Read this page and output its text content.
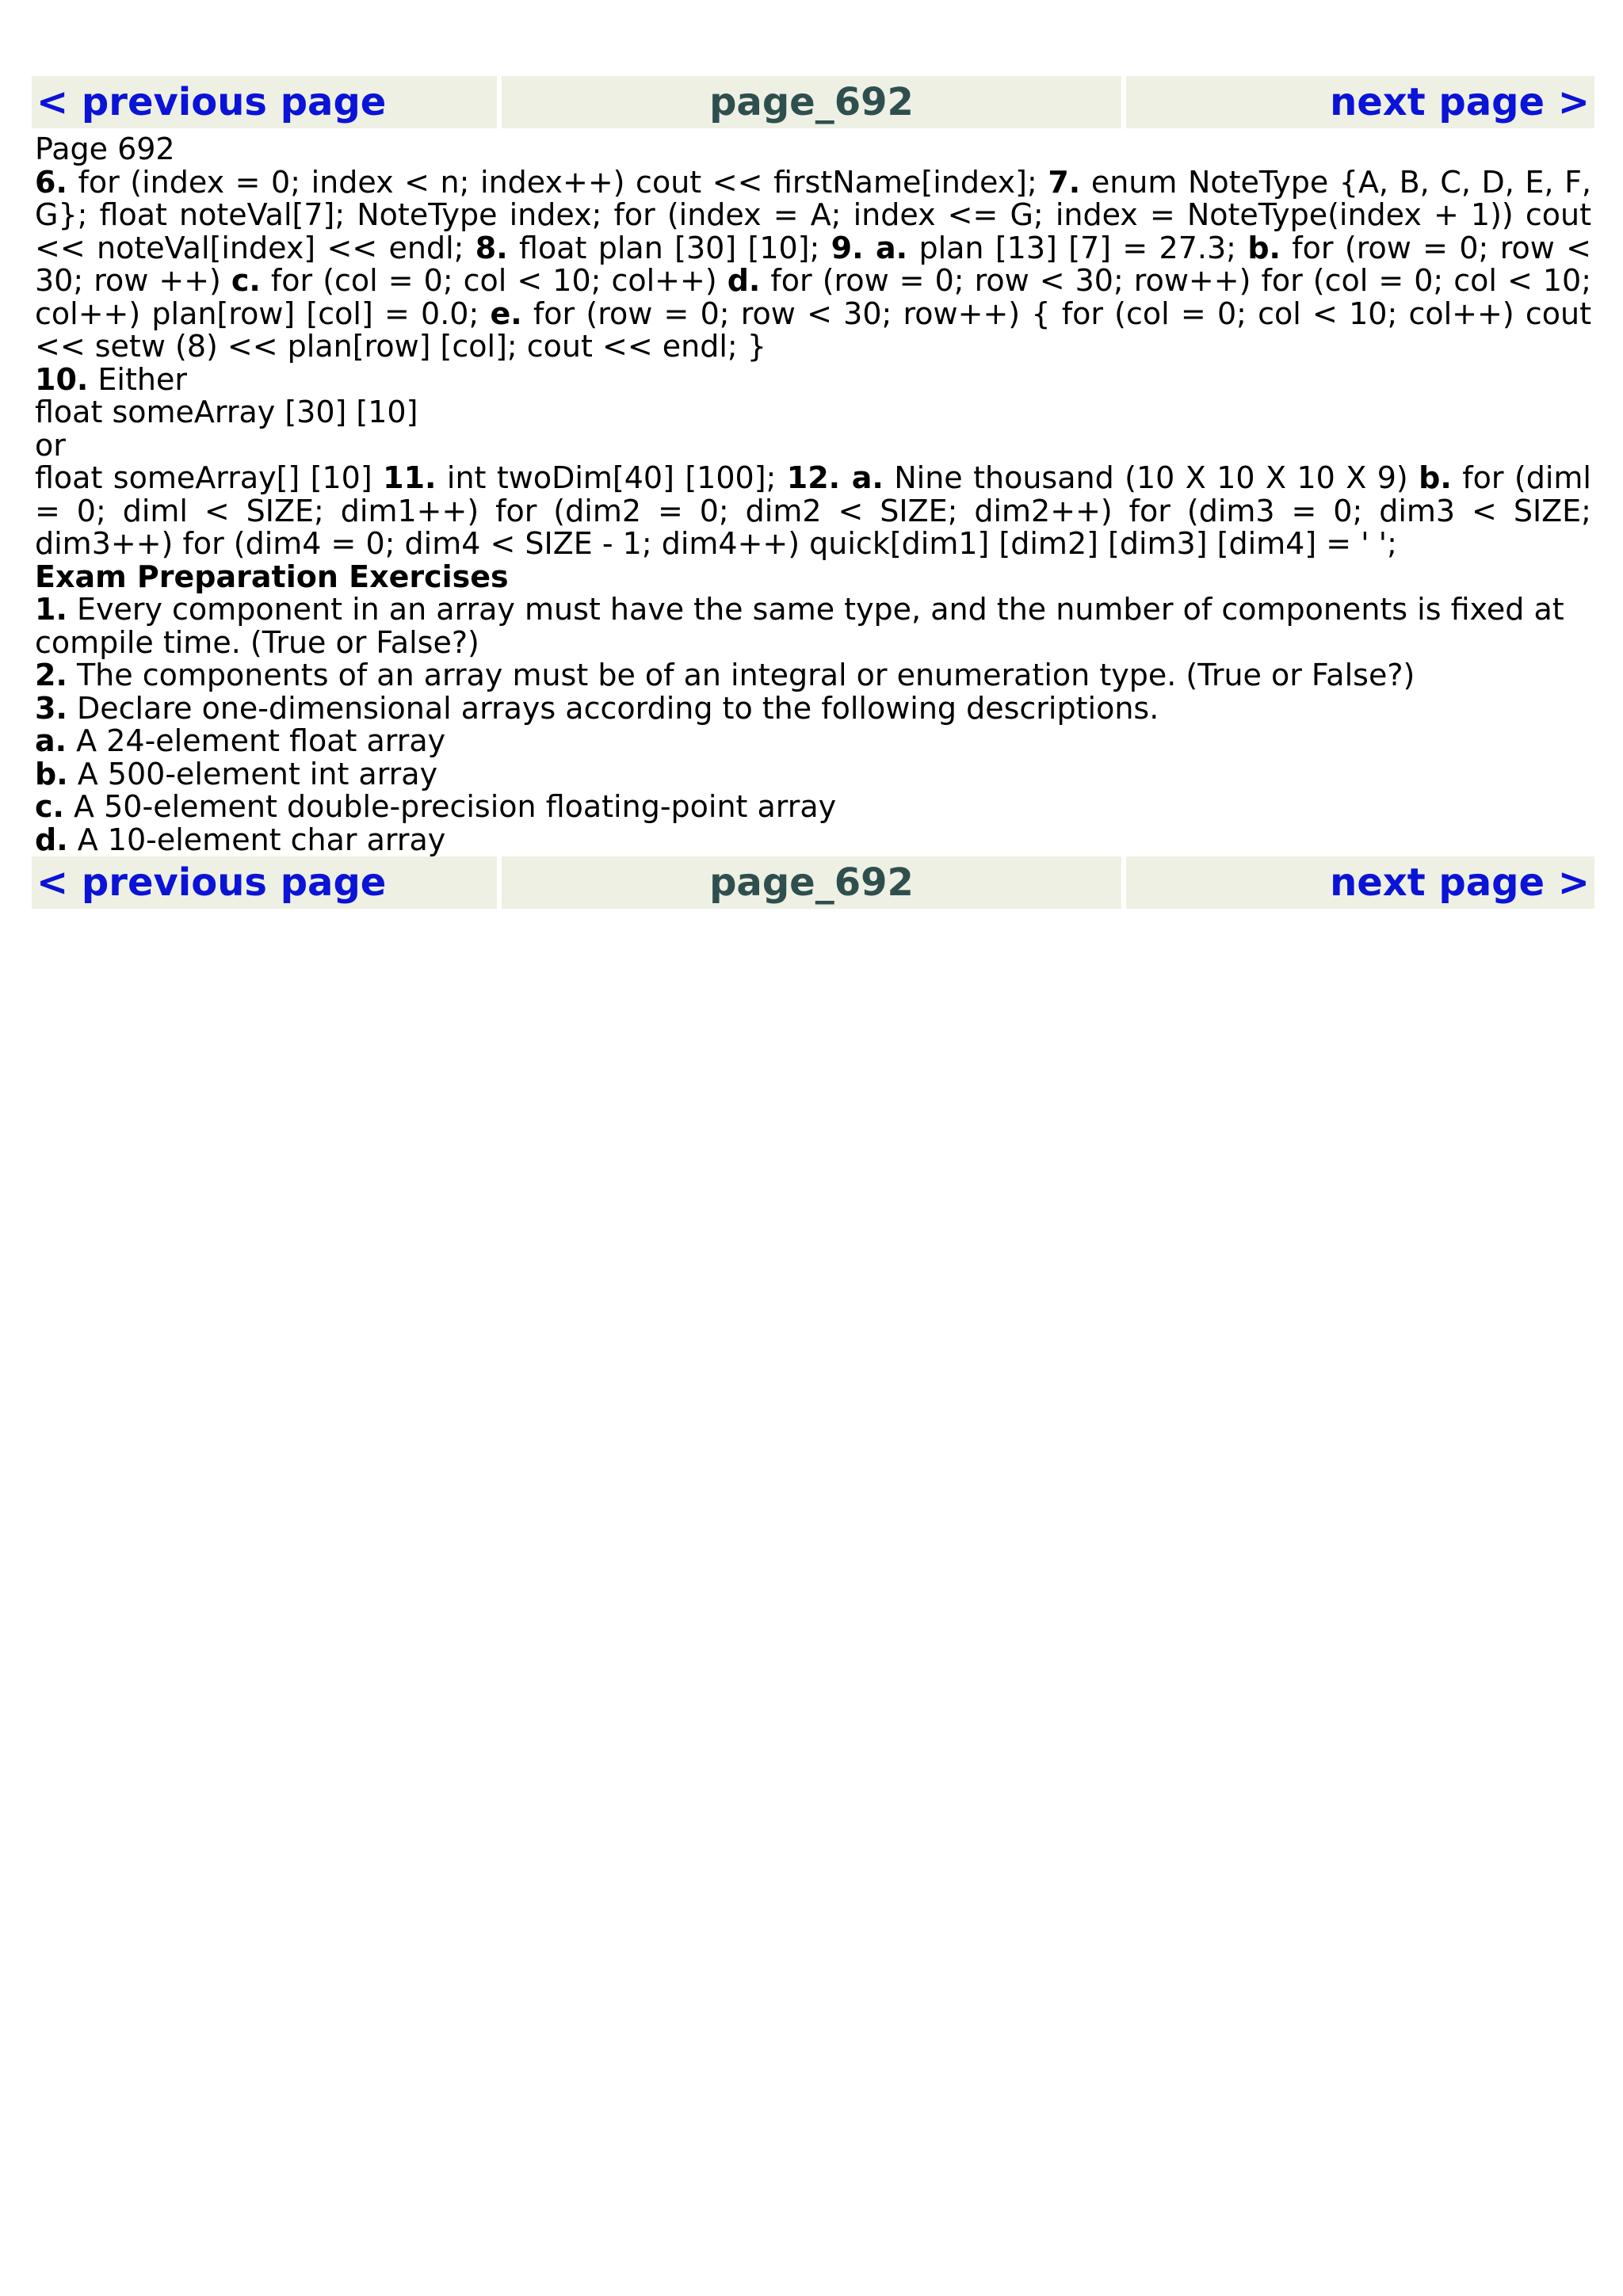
< previous page	page_692	next page >

Page 692

6. for (index = 0; index < n; index++) cout << firstName[index]; 7. enum NoteType {A, B, C, D, E, F, G}; float noteVal[7]; NoteType index; for (index = A; index <= G; index = NoteType(index + 1)) cout << noteVal[index] << endl; 8. float plan [30] [10]; 9. a. plan [13] [7] = 27.3; b. for (row = 0; row < 30; row ++) c. for (col = 0; col < 10; col++) d. for (row = 0; row < 30; row++) for (col = 0; col < 10; col++) plan[row] [col] = 0.0; e. for (row = 0; row < 30; row++) { for (col = 0; col < 10; col++) cout << setw (8) << plan[row] [col]; cout << endl; }

10. Either

float someArray [30] [10]

or

float someArray[] [10] 11. int twoDim[40] [100]; 12. a. Nine thousand (10 X 10 X 10 X 9) b. for (diml = 0; diml < SIZE; dim1++) for (dim2 = 0; dim2 < SIZE; dim2++) for (dim3 = 0; dim3 < SIZE; dim3++) for (dim4 = 0; dim4 < SIZE - 1; dim4++) quick[dim1] [dim2] [dim3] [dim4] = ' ';

Exam Preparation Exercises

1. Every component in an array must have the same type, and the number of components is fixed at compile time. (True or False?)

2. The components of an array must be of an integral or enumeration type. (True or False?)

3. Declare one-dimensional arrays according to the following descriptions.

a. A 24-element float array

b. A 500-element int array

c. A 50-element double-precision floating-point array

d. A 10-element char array

< previous page	page_692	next page >
